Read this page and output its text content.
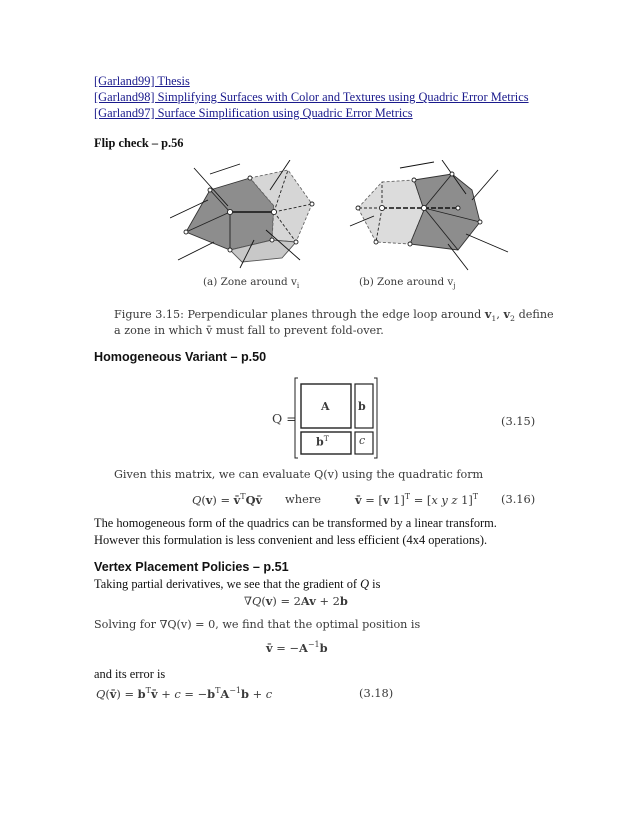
[Garland99] Thesis
[Garland98] Simplifying Surfaces with Color and Textures using Quadric Error Metrics
[Garland97] Surface Simplification using Quadric Error Metrics
Flip check – p.56
(a) Zone around $v_i$	(b) Zone around $v_j$
Figure 3.15: Perpendicular planes through the edge loop around $v_1$, $v_2$ define
a zone in which v̄ must fall to prevent fold-over.
Homogeneous Variant – p.50
Q =
A	b
$b^T$	c
(3.15)
Given this matrix, we can evaluate Q(v) using the quadratic form
Q(v) = v̄$^T$Qv̄ where	v̄ = [v 1]$^T$ = [x y z 1]$^T$ (3.16)
The homogeneous form of the quadrics can be transformed by a linear transform.
However this formulation is less convenient and less efficient (4x4 operations).
Vertex Placement Policies – p.51
Taking partial derivatives, we see that the gradient of Q is
∇Q(v) = 2Av + 2b
Solving for ∇Q(v) = 0, we find that the optimal position is
v̄ = $-A^{-1}b$
and its error is
Q(v̄) = $b^Tv̄ + c = -b^TA^{-1}b + c$	(3.18)
